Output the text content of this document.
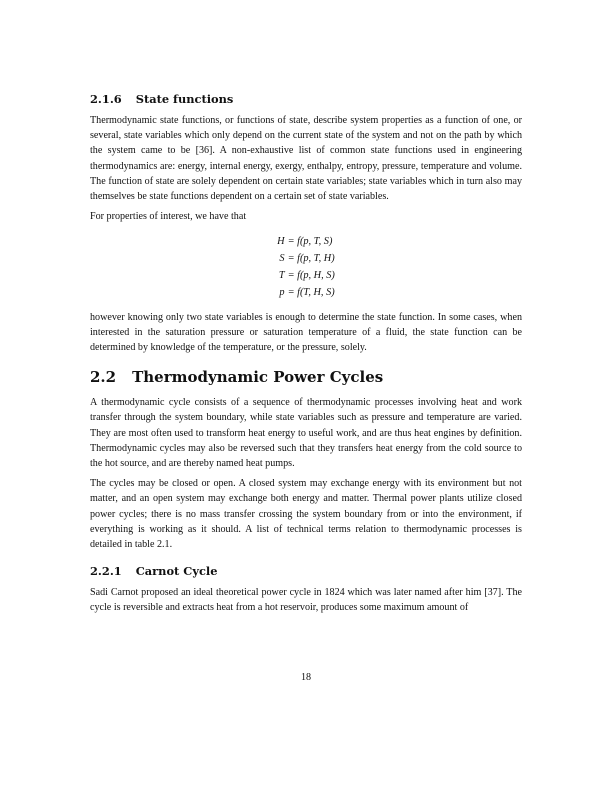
2.1.6 State functions

Thermodynamic state functions, or functions of state, describe system properties as a function of one, or several, state variables which only depend on the current state of the system and not on the path by which the system came to be [36]. A non-exhaustive list of common state functions used in engineering thermodynamics are: energy, internal energy, exergy, enthalpy, entropy, pressure, temperature and volume. The function of state are solely dependent on certain state variables; state variables which in turn also may themselves be state functions dependent on a certain set of state variables.

For properties of interest, we have that

H	= f(p, T, S)
S	= f(p, T, H)
T	= f(p, H, S)
p	= f(T, H, S)

however knowing only two state variables is enough to determine the state function. In some cases, when interested in the saturation pressure or saturation temperature of a fluid, the state function can be determined by knowledge of the temperature, or the pressure, solely.

2.2 Thermodynamic Power Cycles

A thermodynamic cycle consists of a sequence of thermodynamic processes involving heat and work transfer through the system boundary, while state variables such as pressure and temperature are varied. They are most often used to transform heat energy to useful work, and are thus heat engines by definition. Thermodynamic cycles may also be reversed such that they transfers heat energy from the cold source to the hot source, and are thereby named heat pumps.

The cycles may be closed or open. A closed system may exchange energy with its environment but not matter, and an open system may exchange both energy and matter. Thermal power plants utilize closed power cycles; there is no mass transfer crossing the system boundary from or into the environment, if everything is working as it should. A list of technical terms relation to thermodynamic processes is detailed in table 2.1.

2.2.1 Carnot Cycle

Sadi Carnot proposed an ideal theoretical power cycle in 1824 which was later named after him [37]. The cycle is reversible and extracts heat from a hot reservoir, produces some maximum amount of

18
